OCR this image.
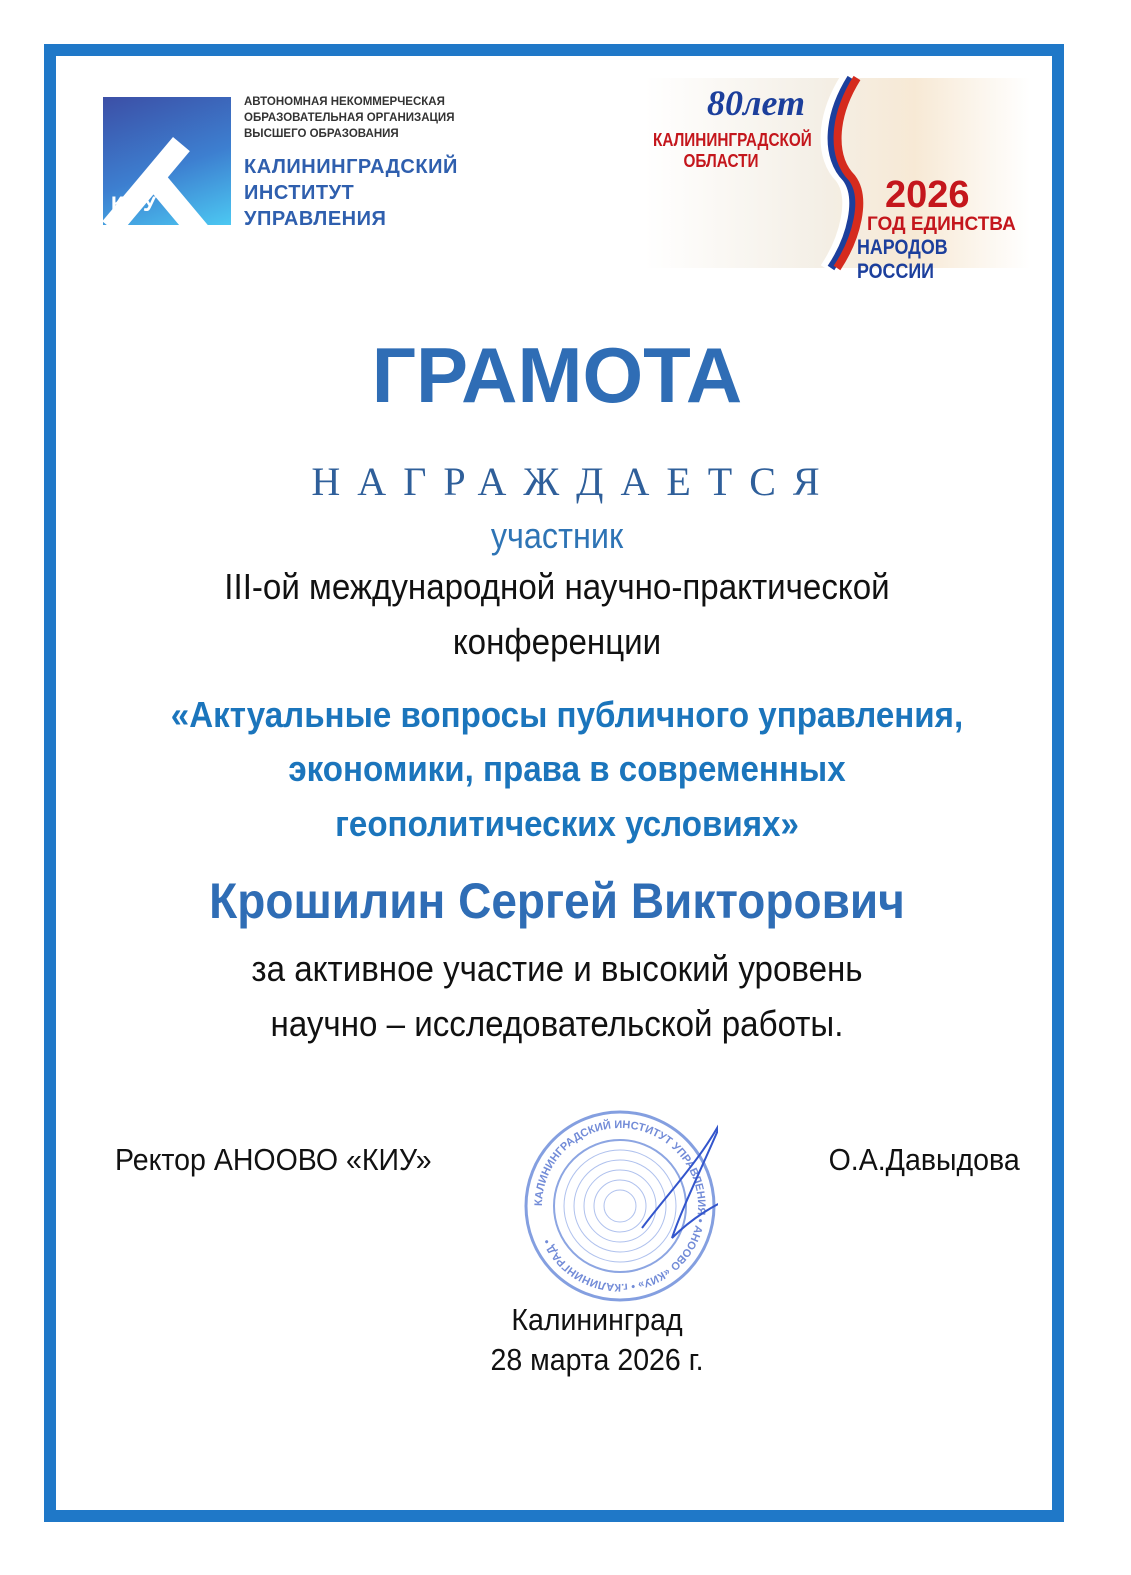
КИУ
АВТОНОМНАЯ НЕКОММЕРЧЕСКАЯ
ОБРАЗОВАТЕЛЬНАЯ ОРГАНИЗАЦИЯ
ВЫСШЕГО ОБРАЗОВАНИЯ
КАЛИНИНГРАДСКИЙ
ИНСТИТУТ
УПРАВЛЕНИЯ
80лет
КАЛИНИНГРАДСКОЙ
ОБЛАСТИ
2026
ГОД ЕДИНСТВА
НАРОДОВ РОССИИ
ГРАМОТА
НАГРАЖДАЕТСЯ
участник
III-ой международной научно-практической
конференции
«Актуальные вопросы публичного управления,
экономики, права в современных
геополитических условиях»
Крошилин Сергей Викторович
за активное участие и высокий уровень
научно – исследовательской работы.
Ректор АНООВО «КИУ»
КАЛИНИНГРАДСКИЙ ИНСТИТУТ УПРАВЛЕНИЯ • АНООВО «КИУ» • г.КАЛИНИНГРАД •
О.А.Давыдова
Калининград
28 марта 2026 г.
